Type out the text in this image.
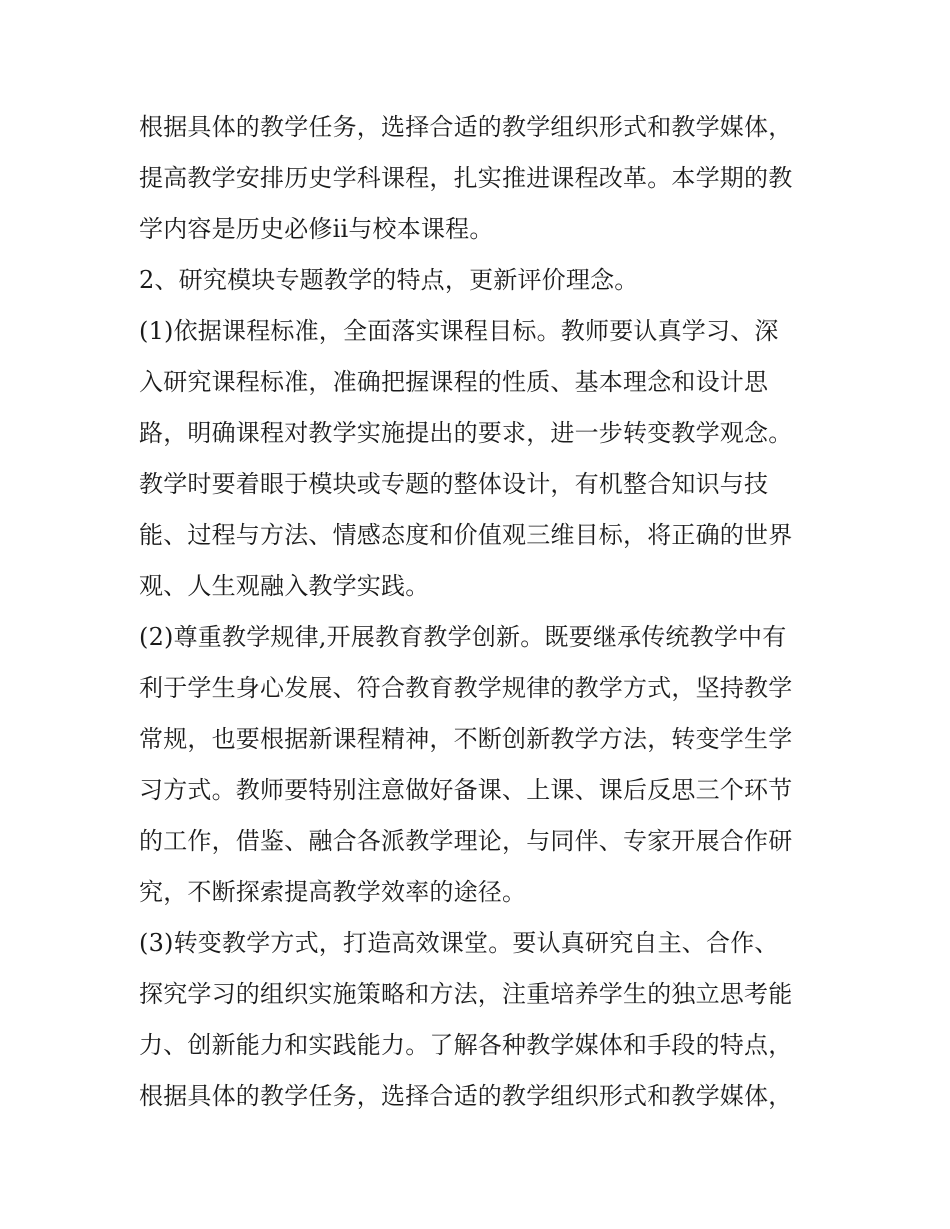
根据具体的教学任务，选择合适的教学组织形式和教学媒体，
提高教学安排历史学科课程，扎实推进课程改革。本学期的教
学内容是历史必修ii与校本课程。
2、研究模块专题教学的特点，更新评价理念。
(1)依据课程标准，全面落实课程目标。教师要认真学习、深
入研究课程标准，准确把握课程的性质、基本理念和设计思
路，明确课程对教学实施提出的要求，进一步转变教学观念。
教学时要着眼于模块或专题的整体设计，有机整合知识与技
能、过程与方法、情感态度和价值观三维目标，将正确的世界
观、人生观融入教学实践。
(2)尊重教学规律,开展教育教学创新。既要继承传统教学中有
利于学生身心发展、符合教育教学规律的教学方式，坚持教学
常规，也要根据新课程精神，不断创新教学方法，转变学生学
习方式。教师要特别注意做好备课、上课、课后反思三个环节
的工作，借鉴、融合各派教学理论，与同伴、专家开展合作研
究，不断探索提高教学效率的途径。
(3)转变教学方式，打造高效课堂。要认真研究自主、合作、
探究学习的组织实施策略和方法，注重培养学生的独立思考能
力、创新能力和实践能力。了解各种教学媒体和手段的特点，
根据具体的教学任务，选择合适的教学组织形式和教学媒体，
